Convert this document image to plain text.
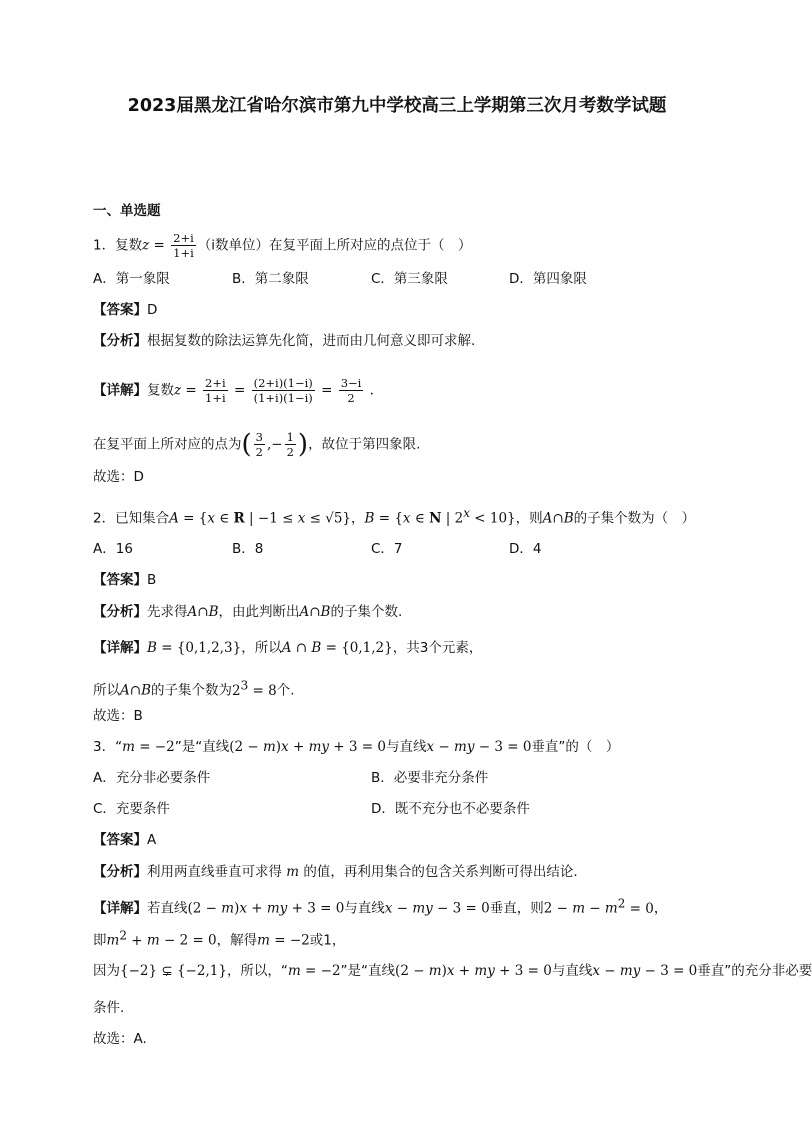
2023届黑龙江省哈尔滨市第九中学校高三上学期第三次月考数学试题
一、单选题
1．复数$z = \frac{2+i}{1+i} (i$数单位）在复平面上所对应的点位于（　）
A．第一象限	B．第二象限	C．第三象限	D．第四象限
【答案】D
【分析】根据复数的除法运算先化简，进而由几何意义即可求解.
【详解】复数$z = \frac{2+i}{1+i} = \frac{(2+i)(1-i)}{(1+i)(1-i)} = \frac{3-i}{2}$ .
在复平面上所对应的点为( $\frac{3}{2}$ ,− $\frac{1}{2}$ )，故位于第四象限.
故选：D
2．已知集合A = {x ∈ R | −1 ≤ x ≤ √5}，B = {x ∈ N | $2^x < 10$}，则A∩B的子集个数为（　）
A．16	B．8	C．7	D．4
【答案】B
【分析】先求得A∩B，由此判断出A∩B的子集个数.
【详解】B = {0,1,2,3}，所以A ∩ B = {0,1,2}，共3个元素，
所以A∩B的子集个数为$2^3 = 8$个.
故选：B
3．“m = −2”是“直线(2 − m)x + my + 3 = 0与直线x − my − 3 = 0垂直”的（　）
A．充分非必要条件	B．必要非充分条件
C．充要条件	D．既不充分也不必要条件
【答案】A
【分析】利用两直线垂直可求得 m 的值，再利用集合的包含关系判断可得出结论.
【详解】若直线(2 − m)x + my + 3 = 0与直线x − my − 3 = 0垂直，则$2 - m - m^2 = 0$，
即$m^2 + m - 2 = 0$，解得m = −2或1，
因为{−2} ⊊ {−2,1}，所以，“m = −2”是“直线(2 − m)x + my + 3 = 0与直线x − my − 3 = 0垂直”的充分非必要
条件.
故选：A.
